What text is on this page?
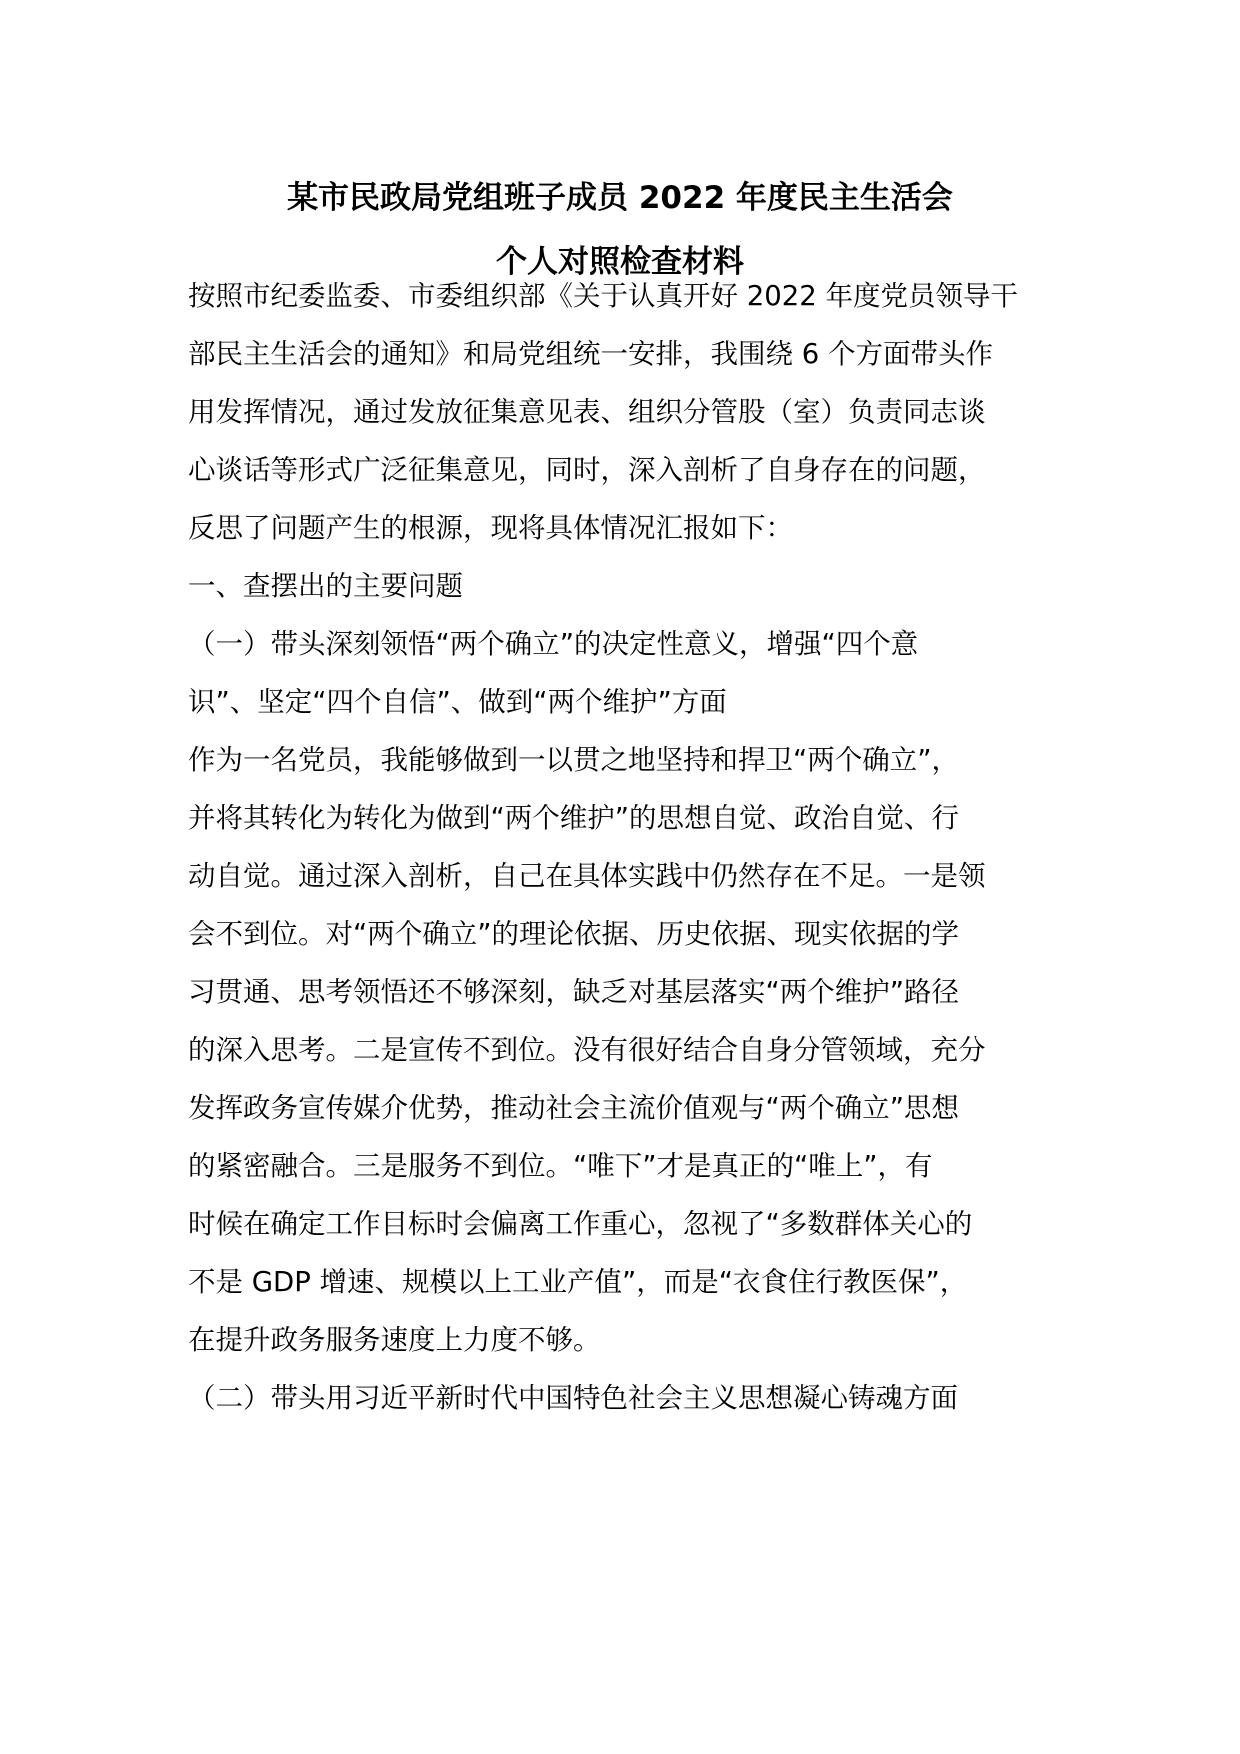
某市民政局党组班子成员 2022 年度民主生活会
个人对照检查材料
按照市纪委监委、市委组织部《关于认真开好 2022 年度党员领导干
部民主生活会的通知》和局党组统一安排，我围绕 6 个方面带头作
用发挥情况，通过发放征集意见表、组织分管股（室）负责同志谈
心谈话等形式广泛征集意见，同时，深入剖析了自身存在的问题，
反思了问题产生的根源，现将具体情况汇报如下：
一、查摆出的主要问题
（一）带头深刻领悟“两个确立”的决定性意义，增强“四个意
识”、坚定“四个自信”、做到“两个维护”方面
作为一名党员，我能够做到一以贯之地坚持和捍卫“两个确立”，
并将其转化为转化为做到“两个维护”的思想自觉、政治自觉、行
动自觉。通过深入剖析，自己在具体实践中仍然存在不足。一是领
会不到位。对“两个确立”的理论依据、历史依据、现实依据的学
习贯通、思考领悟还不够深刻，缺乏对基层落实“两个维护”路径
的深入思考。二是宣传不到位。没有很好结合自身分管领域，充分
发挥政务宣传媒介优势，推动社会主流价值观与“两个确立”思想
的紧密融合。三是服务不到位。“唯下”才是真正的“唯上”，有
时候在确定工作目标时会偏离工作重心，忽视了“多数群体关心的
不是 GDP 增速、规模以上工业产值”，而是“衣食住行教医保”，
在提升政务服务速度上力度不够。
（二）带头用习近平新时代中国特色社会主义思想凝心铸魂方面
